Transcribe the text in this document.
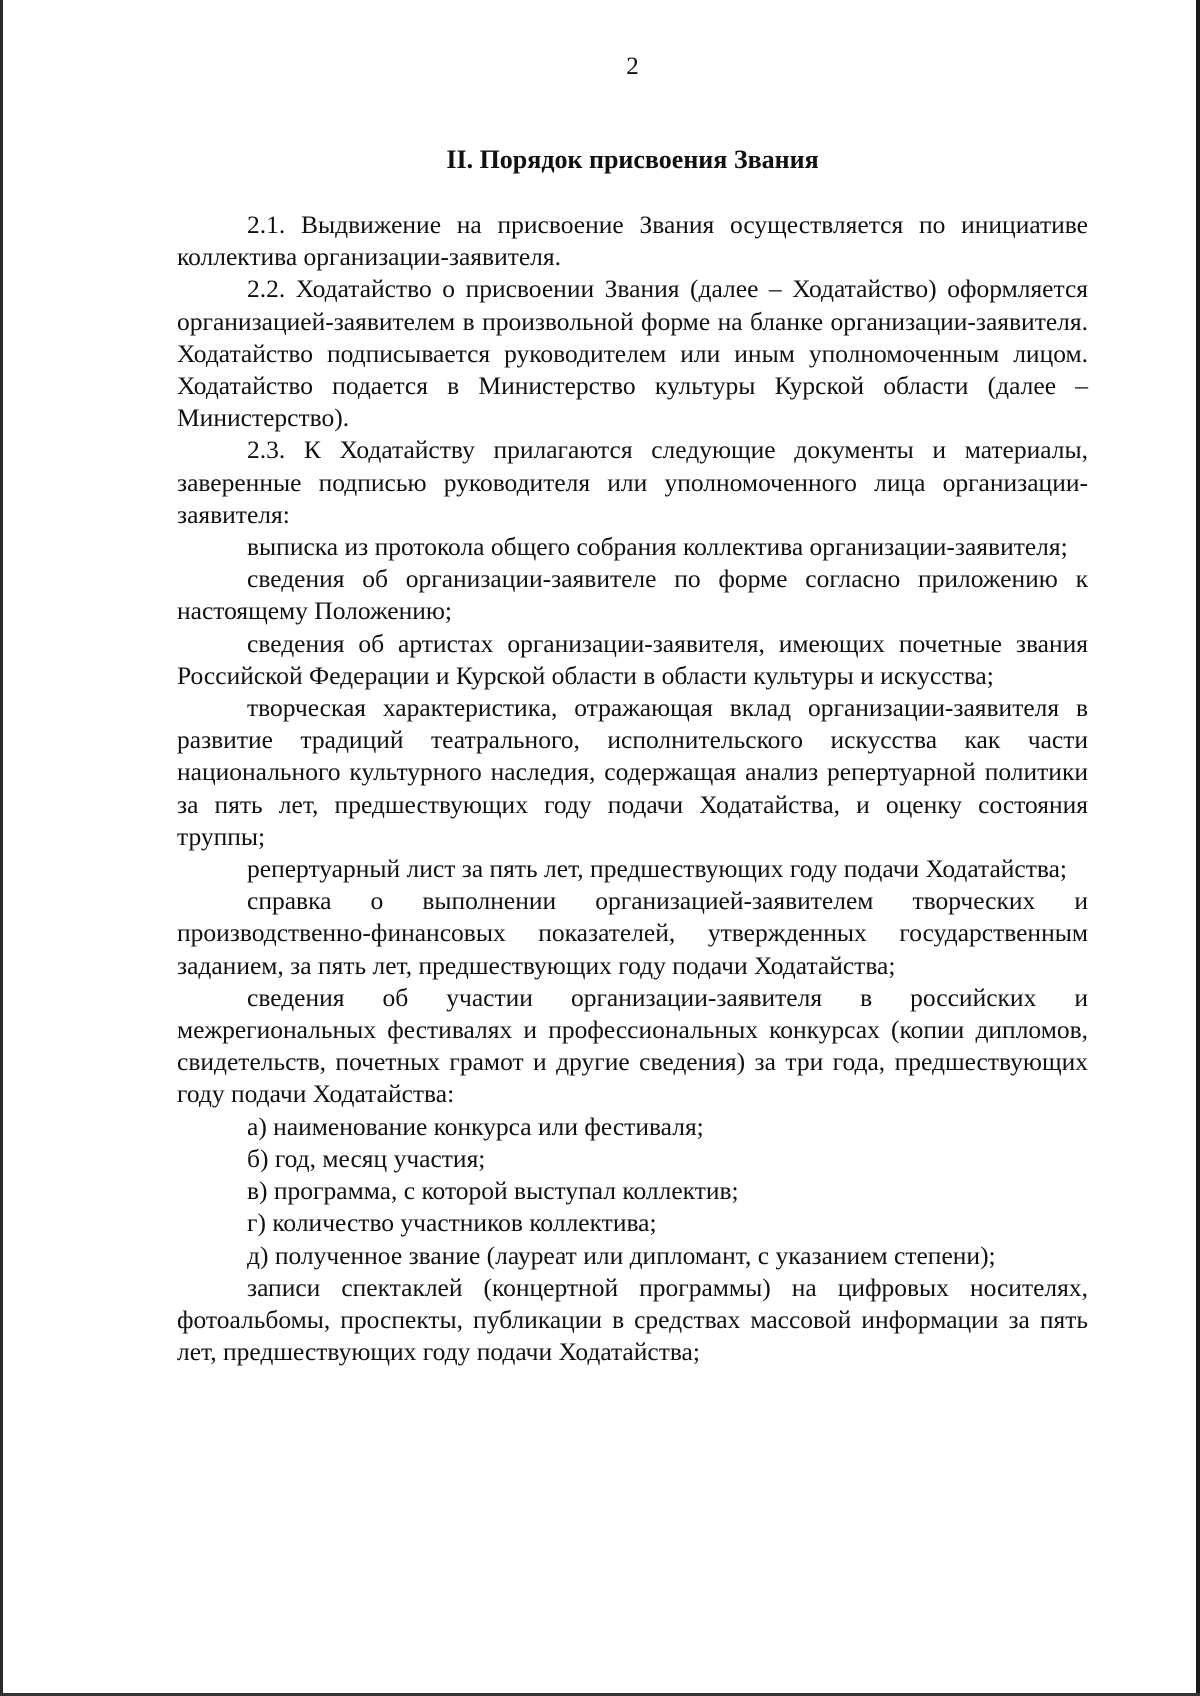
2
II. Порядок присвоения Звания

2.1. Выдвижение на присвоение Звания осуществляется по инициативе коллектива организации-заявителя.

2.2. Ходатайство о присвоении Звания (далее – Ходатайство) оформляется организацией-заявителем в произвольной форме на бланке организации-заявителя. Ходатайство подписывается руководителем или иным уполномоченным лицом. Ходатайство подается в Министерство культуры Курской области (далее – Министерство).

2.3. К Ходатайству прилагаются следующие документы и материалы, заверенные подписью руководителя или уполномоченного лица организации-заявителя:

выписка из протокола общего собрания коллектива организации-заявителя;

сведения об организации-заявителе по форме согласно приложению к настоящему Положению;

сведения об артистах организации-заявителя, имеющих почетные звания Российской Федерации и Курской области в области культуры и искусства;

творческая характеристика, отражающая вклад организации-заявителя в развитие традиций театрального, исполнительского искусства как части национального культурного наследия, содержащая анализ репертуарной политики за пять лет, предшествующих году подачи Ходатайства, и оценку состояния труппы;

репертуарный лист за пять лет, предшествующих году подачи Ходатайства;

справка о выполнении организацией-заявителем творческих и производственно-финансовых показателей, утвержденных государственным заданием, за пять лет, предшествующих году подачи Ходатайства;

сведения об участии организации-заявителя в российских и межрегиональных фестивалях и профессиональных конкурсах (копии дипломов, свидетельств, почетных грамот и другие сведения) за три года, предшествующих году подачи Ходатайства:

а) наименование конкурса или фестиваля;

б) год, месяц участия;

в) программа, с которой выступал коллектив;

г) количество участников коллектива;

д) полученное звание (лауреат или дипломант, с указанием степени);

записи спектаклей (концертной программы) на цифровых носителях, фотоальбомы, проспекты, публикации в средствах массовой информации за пять лет, предшествующих году подачи Ходатайства;
